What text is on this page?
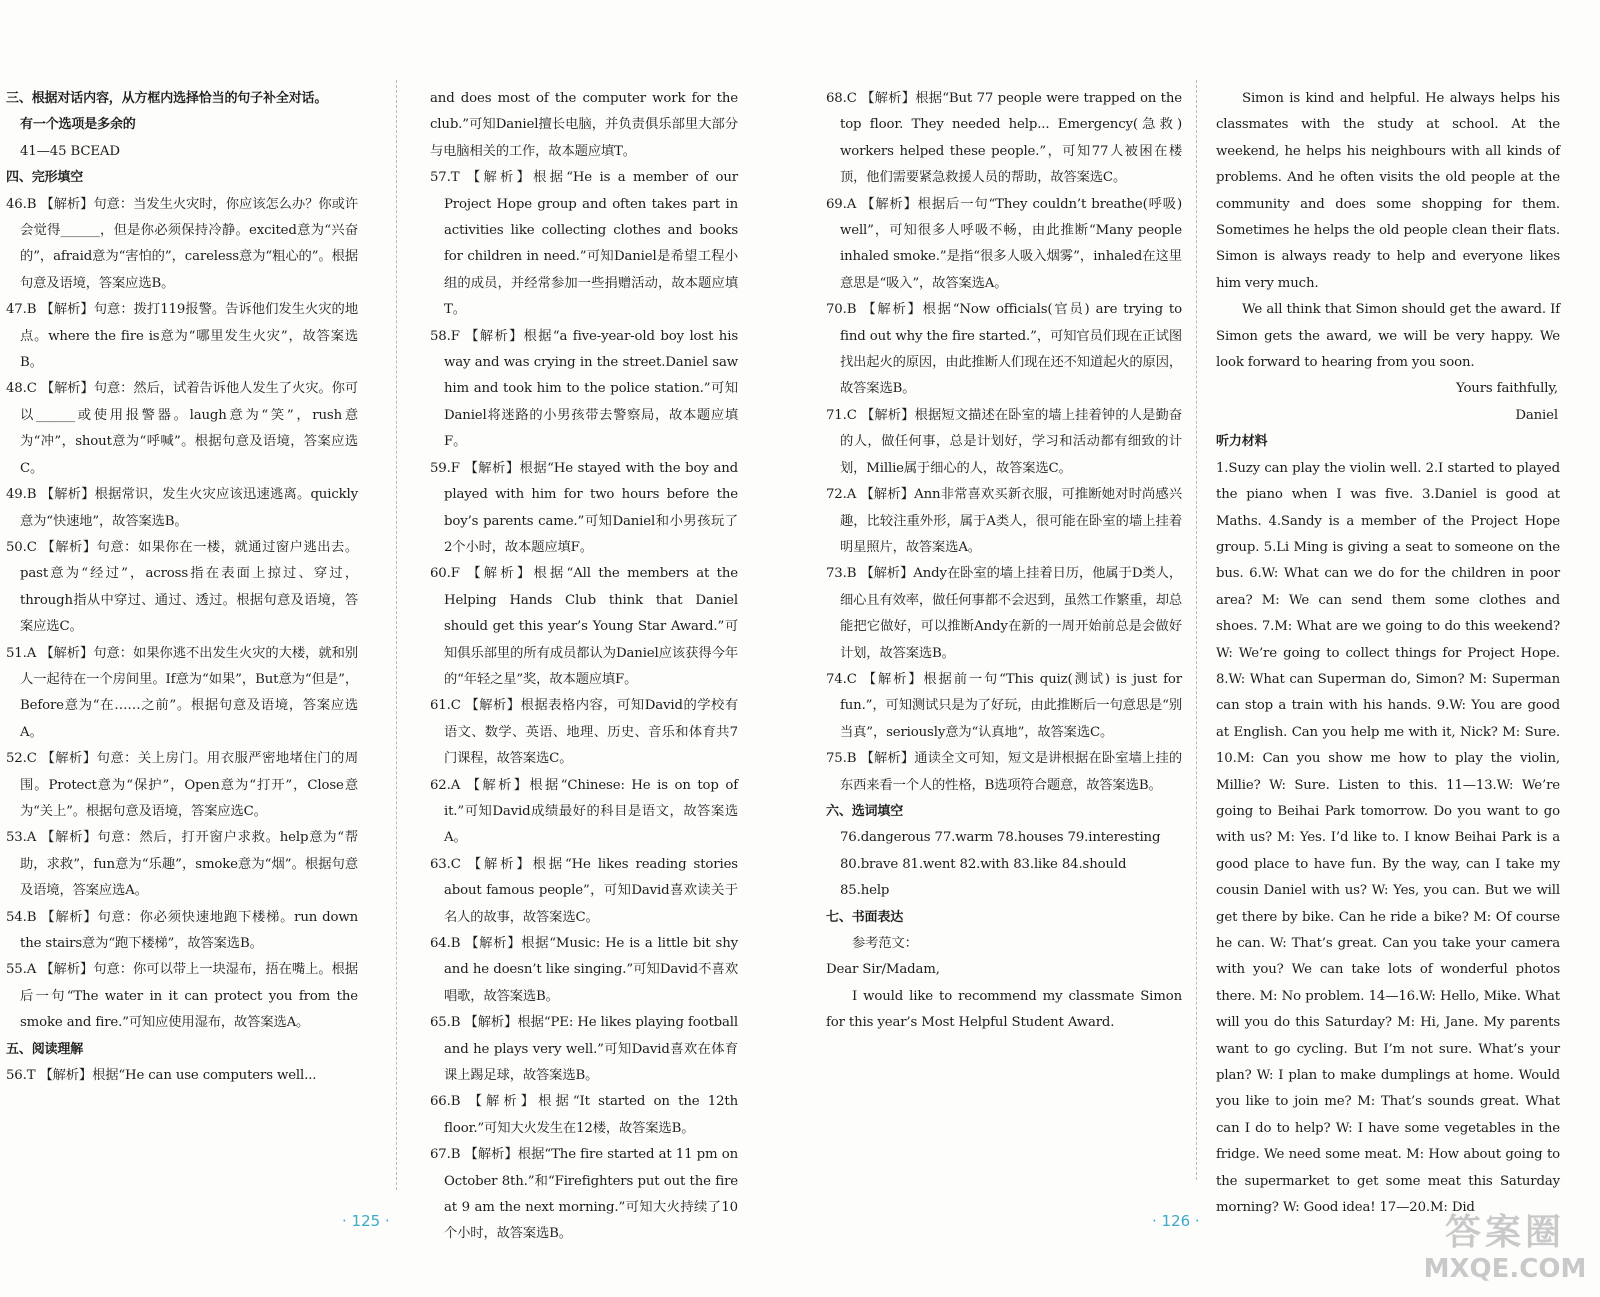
三、根据对话内容，从方框内选择恰当的句子补全对话。

有一个选项是多余的

41—45 BCEAD

四、完形填空

46.B 【解析】句意：当发生火灾时，你应该怎么办？你或许会觉得______，但是你必须保持冷静。excited意为“兴奋的”，afraid意为“害怕的”，careless意为“粗心的”。根据句意及语境，答案应选B。

47.B 【解析】句意：拨打119报警。告诉他们发生火灾的地点。where the fire is意为“哪里发生火灾”，故答案选B。

48.C 【解析】句意：然后，试着告诉他人发生了火灾。你可以______或使用报警器。laugh意为“笑”，rush意为“冲”，shout意为“呼喊”。根据句意及语境，答案应选C。

49.B 【解析】根据常识，发生火灾应该迅速逃离。quickly意为“快速地”，故答案选B。

50.C 【解析】句意：如果你在一楼，就通过窗户逃出去。past意为“经过”，across指在表面上掠过、穿过，through指从中穿过、通过、透过。根据句意及语境，答案应选C。

51.A 【解析】句意：如果你逃不出发生火灾的大楼，就和别人一起待在一个房间里。If意为“如果”，But意为“但是”，Before意为“在……之前”。根据句意及语境，答案应选A。

52.C 【解析】句意：关上房门。用衣服严密地堵住门的周围。Protect意为“保护”，Open意为“打开”，Close意为“关上”。根据句意及语境，答案应选C。

53.A 【解析】句意：然后，打开窗户求救。help意为“帮助，求救”，fun意为“乐趣”，smoke意为“烟”。根据句意及语境，答案应选A。

54.B 【解析】句意：你必须快速地跑下楼梯。run down the stairs意为“跑下楼梯”，故答案选B。

55.A 【解析】句意：你可以带上一块湿布，捂在嘴上。根据后一句“The water in it can protect you from the smoke and fire.”可知应使用湿布，故答案选A。

五、阅读理解

56.T 【解析】根据“He can use computers well...

and does most of the computer work for the club.”可知Daniel擅长电脑，并负责俱乐部里大部分与电脑相关的工作，故本题应填T。

57.T 【解析】根据“He is a member of our Project Hope group and often takes part in activities like collecting clothes and books for children in need.”可知Daniel是希望工程小组的成员，并经常参加一些捐赠活动，故本题应填T。

58.F 【解析】根据“a five-year-old boy lost his way and was crying in the street.Daniel saw him and took him to the police station.”可知Daniel将迷路的小男孩带去警察局，故本题应填F。

59.F 【解析】根据“He stayed with the boy and played with him for two hours before the boy’s parents came.”可知Daniel和小男孩玩了2个小时，故本题应填F。

60.F 【解析】根据“All the members at the Helping Hands Club think that Daniel should get this year’s Young Star Award.”可知俱乐部里的所有成员都认为Daniel应该获得今年的“年轻之星”奖，故本题应填F。

61.C 【解析】根据表格内容，可知David的学校有语文、数学、英语、地理、历史、音乐和体育共7门课程，故答案选C。

62.A 【解析】根据“Chinese: He is on top of it.”可知David成绩最好的科目是语文，故答案选A。

63.C 【解析】根据“He likes reading stories about famous people”，可知David喜欢读关于名人的故事，故答案选C。

64.B 【解析】根据“Music: He is a little bit shy and he doesn’t like singing.”可知David不喜欢唱歌，故答案选B。

65.B 【解析】根据“PE: He likes playing football and he plays very well.”可知David喜欢在体育课上踢足球，故答案选B。

66.B 【解析】根据“It started on the 12th floor.”可知大火发生在12楼，故答案选B。

67.B 【解析】根据“The fire started at 11 pm on October 8th.”和“Firefighters put out the fire at 9 am the next morning.”可知大火持续了10个小时，故答案选B。

· 125 ·

68.C 【解析】根据“But 77 people were trapped on the top floor. They needed help... Emergency(急救) workers helped these people.”，可知77人被困在楼顶，他们需要紧急救援人员的帮助，故答案选C。

69.A 【解析】根据后一句“They couldn’t breathe(呼吸) well”，可知很多人呼吸不畅，由此推断“Many people inhaled smoke.”是指“很多人吸入烟雾”，inhaled在这里意思是“吸入”，故答案选A。

70.B 【解析】根据“Now officials(官员) are trying to find out why the fire started.”，可知官员们现在正试图找出起火的原因，由此推断人们现在还不知道起火的原因，故答案选B。

71.C 【解析】根据短文描述在卧室的墙上挂着钟的人是勤奋的人，做任何事，总是计划好，学习和活动都有细致的计划，Millie属于细心的人，故答案选C。

72.A 【解析】Ann非常喜欢买新衣服，可推断她对时尚感兴趣，比较注重外形，属于A类人，很可能在卧室的墙上挂着明星照片，故答案选A。

73.B 【解析】Andy在卧室的墙上挂着日历，他属于D类人，细心且有效率，做任何事都不会迟到，虽然工作繁重，却总能把它做好，可以推断Andy在新的一周开始前总是会做好计划，故答案选B。

74.C 【解析】根据前一句“This quiz(测试) is just for fun.”，可知测试只是为了好玩，由此推断后一句意思是“别当真”，seriously意为“认真地”，故答案选C。

75.B 【解析】通读全文可知，短文是讲根据在卧室墙上挂的东西来看一个人的性格，B选项符合题意，故答案选B。

六、选词填空

76.dangerous 77.warm 78.houses 79.interesting

80.brave 81.went 82.with 83.like 84.should

85.help

七、书面表达

参考范文：

Dear Sir/Madam,

I would like to recommend my classmate Simon for this year’s Most Helpful Student Award.

Simon is kind and helpful. He always helps his classmates with the study at school. At the weekend, he helps his neighbours with all kinds of problems. And he often visits the old people at the community and does some shopping for them. Sometimes he helps the old people clean their flats. Simon is always ready to help and everyone likes him very much.

We all think that Simon should get the award. If Simon gets the award, we will be very happy. We look forward to hearing from you soon.

Yours faithfully,

Daniel

听力材料

1.Suzy can play the violin well. 2.I started to played the piano when I was five. 3.Daniel is good at Maths. 4.Sandy is a member of the Project Hope group. 5.Li Ming is giving a seat to someone on the bus. 6.W: What can we do for the children in poor area? M: We can send them some clothes and shoes. 7.M: What are we going to do this weekend? W: We’re going to collect things for Project Hope. 8.W: What can Superman do, Simon? M: Superman can stop a train with his hands. 9.W: You are good at English. Can you help me with it, Nick? M: Sure. 10.M: Can you show me how to play the violin, Millie? W: Sure. Listen to this. 11—13.W: We’re going to Beihai Park tomorrow. Do you want to go with us? M: Yes. I’d like to. I know Beihai Park is a good place to have fun. By the way, can I take my cousin Daniel with us? W: Yes, you can. But we will get there by bike. Can he ride a bike? M: Of course he can. W: That’s great. Can you take your camera with you? We can take lots of wonderful photos there. M: No problem. 14—16.W: Hello, Mike. What will you do this Saturday? M: Hi, Jane. My parents want to go cycling. But I’m not sure. What’s your plan? W: I plan to make dumplings at home. Would you like to join me? M: That’s sounds great. What can I do to help? W: I have some vegetables in the fridge. We need some meat. M: How about going to the supermarket to get some meat this Saturday morning? W: Good idea! 17—20.M: Did

· 126 ·	答案圈
MXQE.COM
